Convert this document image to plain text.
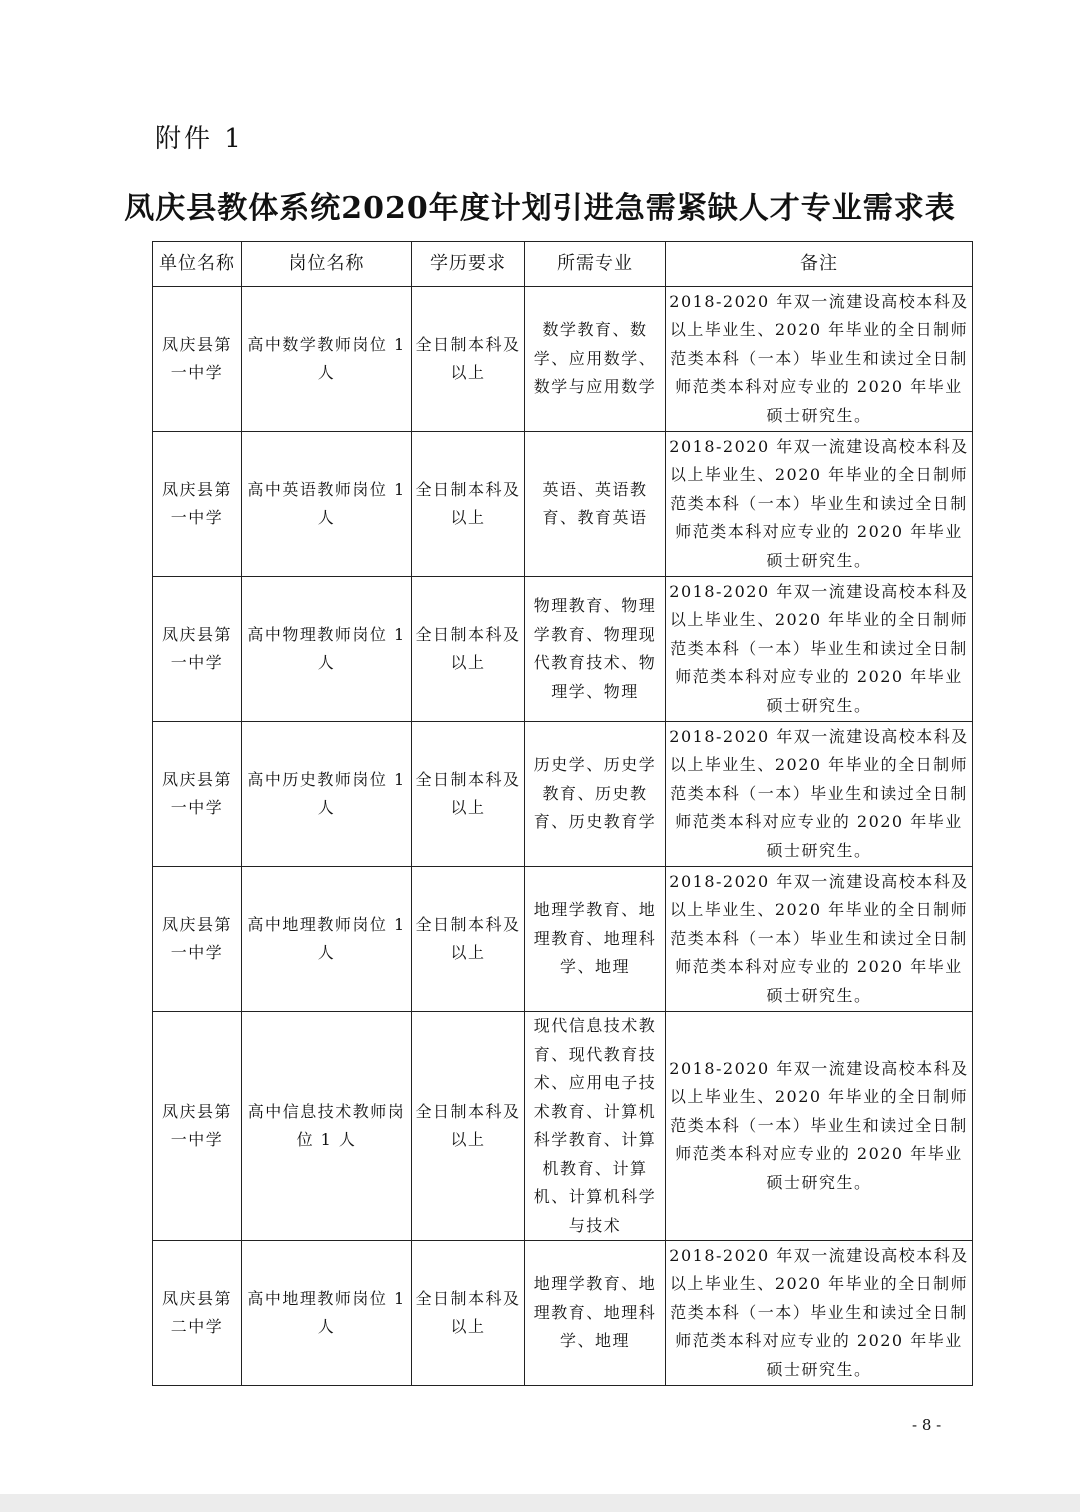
附件 1
凤庆县教体系统2020年度计划引进急需紧缺人才专业需求表
单位名称	岗位名称	学历要求	所需专业	备注
凤庆县第一中学	高中数学教师岗位 1 人	全日制本科及以上	数学教育、数学、应用数学、数学与应用数学	2018-2020 年双一流建设高校本科及以上毕业生、2020 年毕业的全日制师范类本科（一本）毕业生和读过全日制师范类本科对应专业的 2020 年毕业硕士研究生。
凤庆县第一中学	高中英语教师岗位 1 人	全日制本科及以上	英语、英语教育、教育英语	2018-2020 年双一流建设高校本科及以上毕业生、2020 年毕业的全日制师范类本科（一本）毕业生和读过全日制师范类本科对应专业的 2020 年毕业硕士研究生。
凤庆县第一中学	高中物理教师岗位 1 人	全日制本科及以上	物理教育、物理学教育、物理现代教育技术、物理学、物理	2018-2020 年双一流建设高校本科及以上毕业生、2020 年毕业的全日制师范类本科（一本）毕业生和读过全日制师范类本科对应专业的 2020 年毕业硕士研究生。
凤庆县第一中学	高中历史教师岗位 1 人	全日制本科及以上	历史学、历史学教育、历史教育、历史教育学	2018-2020 年双一流建设高校本科及以上毕业生、2020 年毕业的全日制师范类本科（一本）毕业生和读过全日制师范类本科对应专业的 2020 年毕业硕士研究生。
凤庆县第一中学	高中地理教师岗位 1 人	全日制本科及以上	地理学教育、地理教育、地理科学、地理	2018-2020 年双一流建设高校本科及以上毕业生、2020 年毕业的全日制师范类本科（一本）毕业生和读过全日制师范类本科对应专业的 2020 年毕业硕士研究生。
凤庆县第一中学	高中信息技术教师岗位 1 人	全日制本科及以上	现代信息技术教育、现代教育技术、应用电子技术教育、计算机科学教育、计算机教育、计算机、计算机科学与技术	2018-2020 年双一流建设高校本科及以上毕业生、2020 年毕业的全日制师范类本科（一本）毕业生和读过全日制师范类本科对应专业的 2020 年毕业硕士研究生。
凤庆县第二中学	高中地理教师岗位 1 人	全日制本科及以上	地理学教育、地理教育、地理科学、地理	2018-2020 年双一流建设高校本科及以上毕业生、2020 年毕业的全日制师范类本科（一本）毕业生和读过全日制师范类本科对应专业的 2020 年毕业硕士研究生。
- 8 -
